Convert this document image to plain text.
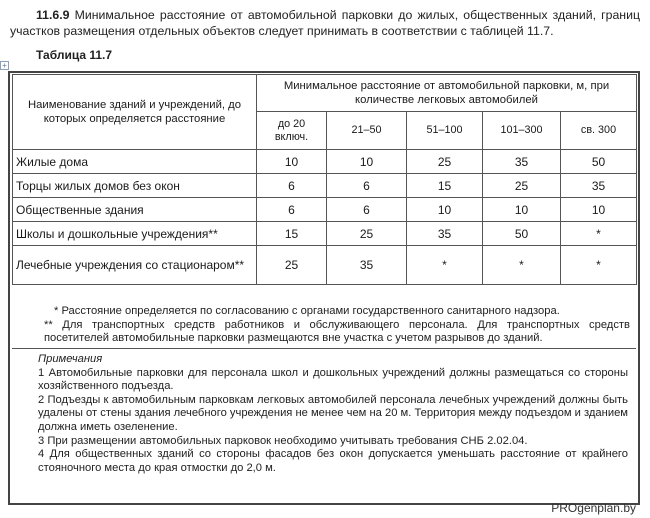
11.6.9 Минимальное расстояние от автомобильной парковки до жилых, общественных зданий, границ участков размещения отдельных объектов следует принимать в соответствии с таблицей 11.7.
Таблица 11.7
+
Наименование зданий и учреждений, до которых определяется расстояние	Минимальное расстояние от автомобильной парковки, м, при количестве легковых автомобилей				
	до 20 включ.	21–50	51–100	101–300	св. 300
Жилые дома	10	10	25	35	50
Торцы жилых домов без окон	6	6	15	25	35
Общественные здания	6	6	10	10	10
Школы и дошкольные учреждения**	15	25	35	50	*
Лечебные учреждения со стационаром**	25	35	*	*	*

* Расстояние определяется по согласованию с органами государственного санитарного надзора.

** Для транспортных средств работников и обслуживающего персонала. Для транспортных средств посетителей автомобильные парковки размещаются вне участка с учетом разрывов до зданий.

Примечания

1 Автомобильные парковки для персонала школ и дошкольных учреждений должны размещаться со стороны хозяйственного подъезда.

2 Подъезды к автомобильным парковкам легковых автомобилей персонала лечебных учреждений должны быть удалены от стены здания лечебного учреждения не менее чем на 20 м. Территория между подъездом и зданием должна иметь озеленение.

3 При размещении автомобильных парковок необходимо учитывать требования СНБ 2.02.04.

4 Для общественных зданий со стороны фасадов без окон допускается уменьшать расстояние от крайнего стояночного места до края отмостки до 2,0 м.

PROgenplan.by
